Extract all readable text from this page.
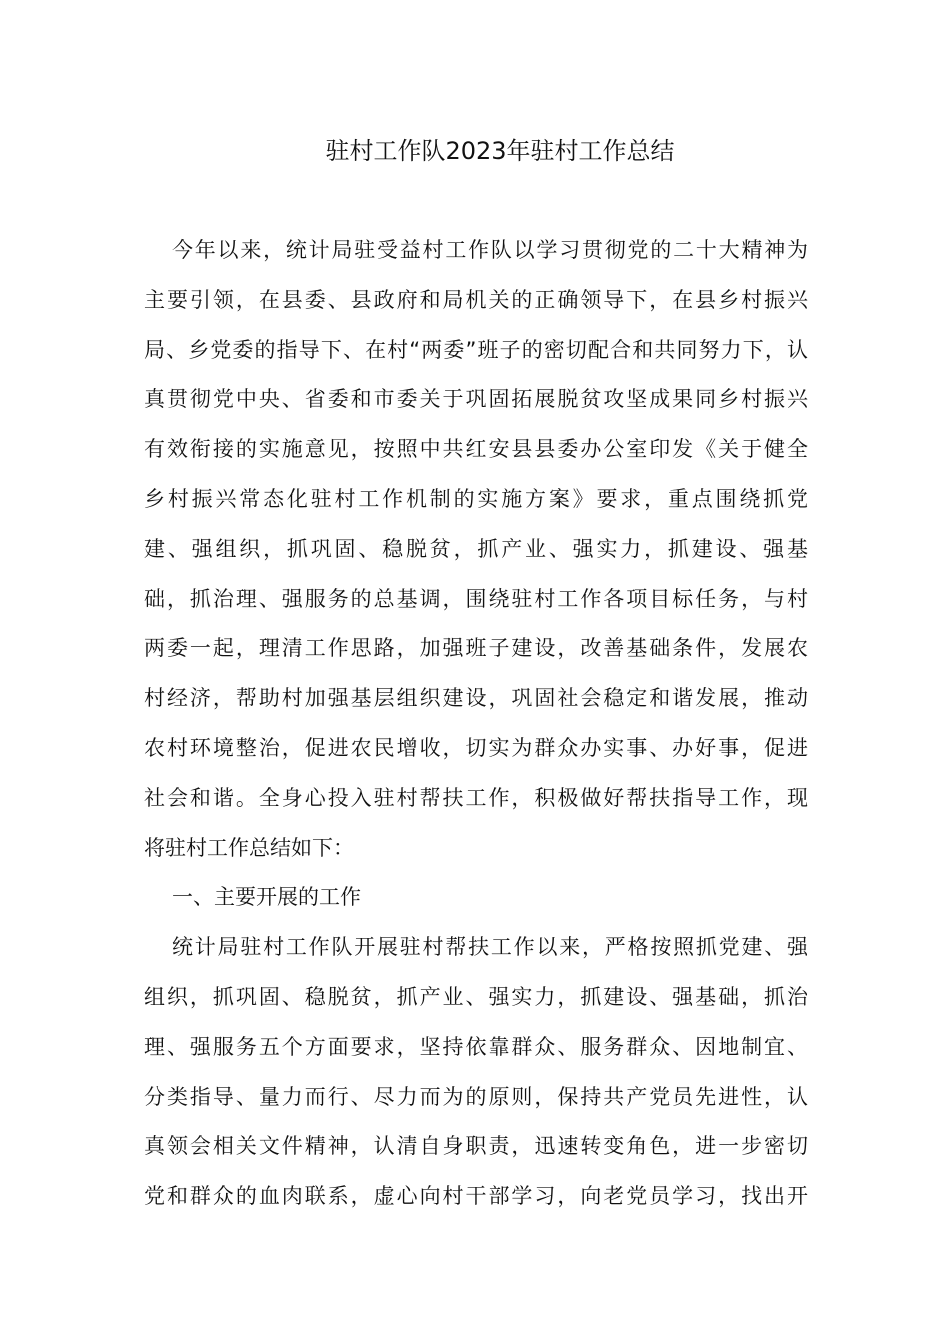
驻村工作队2023年驻村工作总结
今年以来，统计局驻受益村工作队以学习贯彻党的二十大精神为
主要引领，在县委、县政府和局机关的正确领导下，在县乡村振兴
局、乡党委的指导下、在村“两委”班子的密切配合和共同努力下，认
真贯彻党中央、省委和市委关于巩固拓展脱贫攻坚成果同乡村振兴
有效衔接的实施意见，按照中共红安县县委办公室印发《关于健全
乡村振兴常态化驻村工作机制的实施方案》要求，重点围绕抓党
建、强组织，抓巩固、稳脱贫，抓产业、强实力，抓建设、强基
础，抓治理、强服务的总基调，围绕驻村工作各项目标任务，与村
两委一起，理清工作思路，加强班子建设，改善基础条件，发展农
村经济，帮助村加强基层组织建设，巩固社会稳定和谐发展，推动
农村环境整治，促进农民增收，切实为群众办实事、办好事，促进
社会和谐。全身心投入驻村帮扶工作，积极做好帮扶指导工作，现
将驻村工作总结如下：
一、主要开展的工作
统计局驻村工作队开展驻村帮扶工作以来，严格按照抓党建、强
组织，抓巩固、稳脱贫，抓产业、强实力，抓建设、强基础，抓治
理、强服务五个方面要求，坚持依靠群众、服务群众、因地制宜、
分类指导、量力而行、尽力而为的原则，保持共产党员先进性，认
真领会相关文件精神，认清自身职责，迅速转变角色，进一步密切
党和群众的血肉联系，虚心向村干部学习，向老党员学习，找出开
